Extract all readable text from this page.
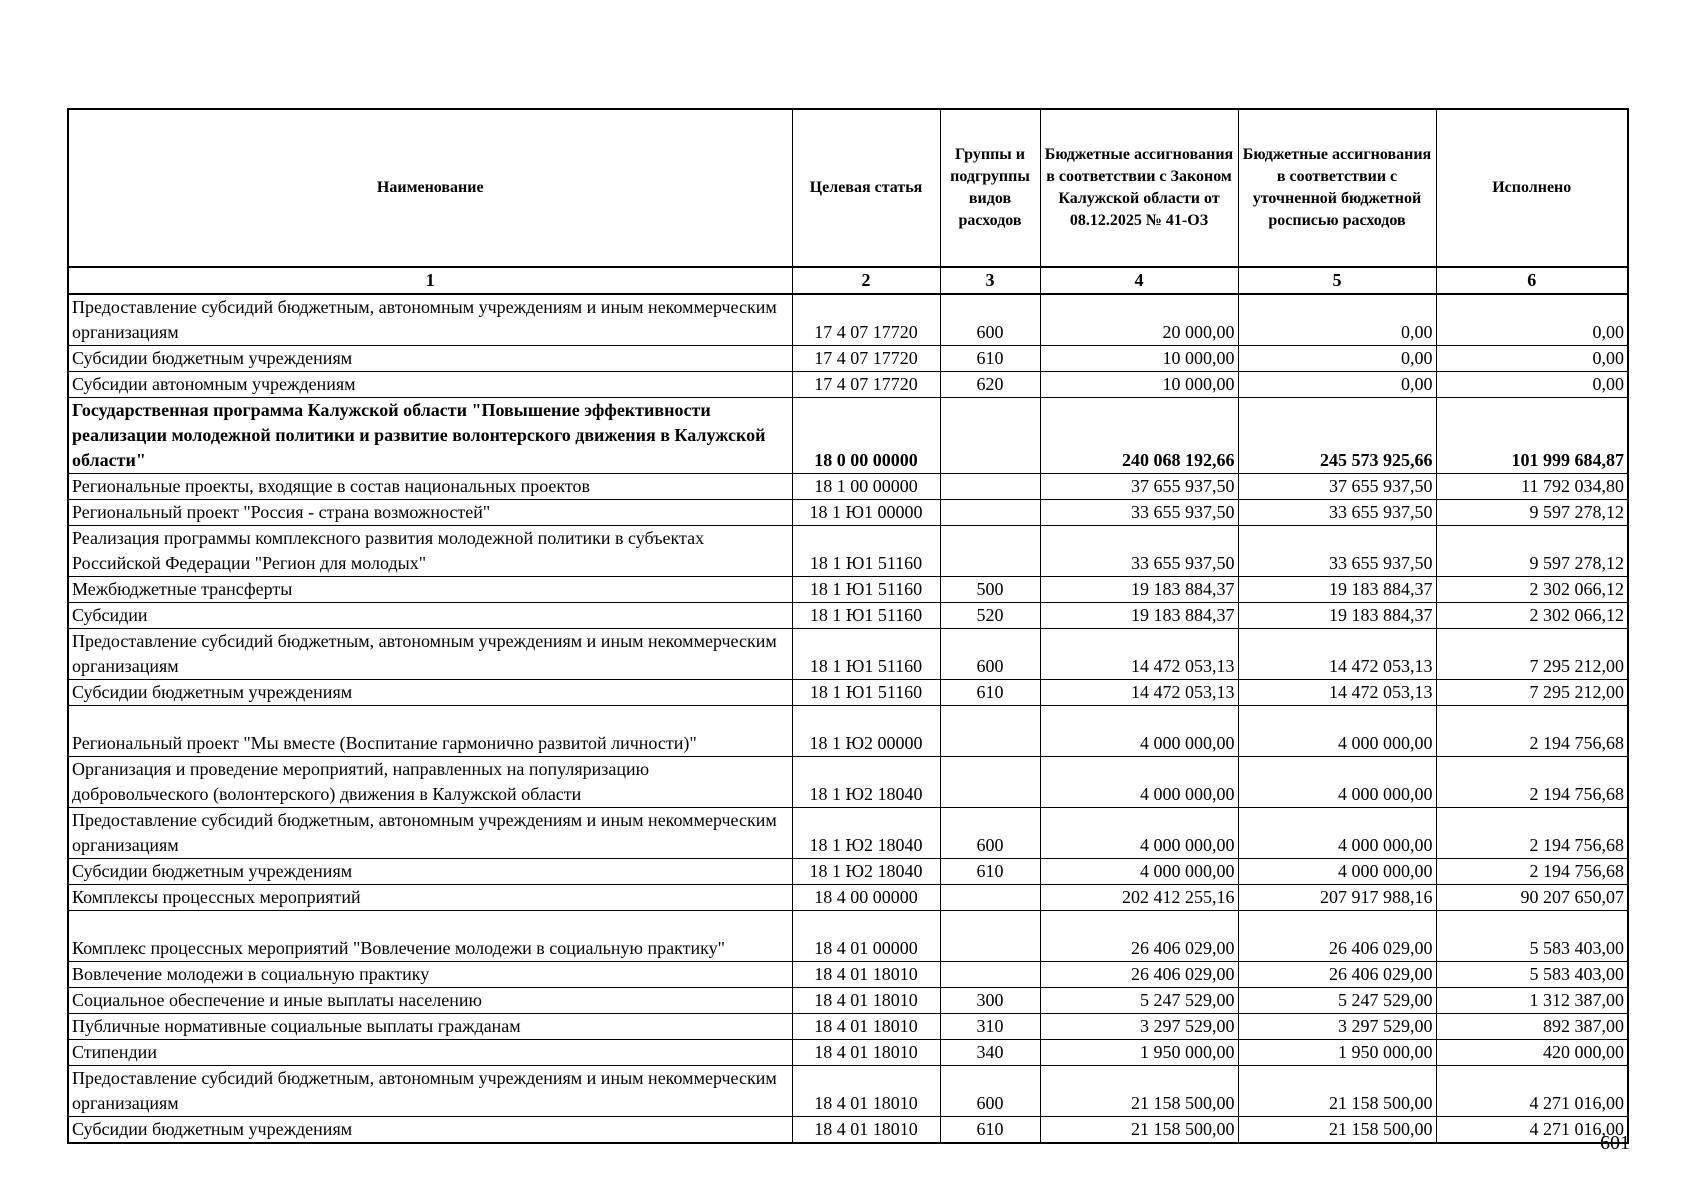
Наименование	Целевая статья	Группы и подгруппы видов расходов	Бюджетные ассигнования в соответствии с Законом Калужской области от 08.12.2025 № 41-ОЗ	Бюджетные ассигнования в соответствии с уточненной бюджетной росписью расходов	Исполнено
1	2	3	4	5	6
Предоставление субсидий бюджетным, автономным учреждениям и иным некоммерческим организациям	17 4 07 17720	600	20 000,00	0,00	0,00
Субсидии бюджетным учреждениям	17 4 07 17720	610	10 000,00	0,00	0,00
Субсидии автономным учреждениям	17 4 07 17720	620	10 000,00	0,00	0,00
Государственная программа Калужской области "Повышение эффективности реализации молодежной политики и развитие волонтерского движения в Калужской области"	18 0 00 00000		240 068 192,66	245 573 925,66	101 999 684,87
Региональные проекты, входящие в состав национальных проектов	18 1 00 00000		37 655 937,50	37 655 937,50	11 792 034,80
Региональный проект "Россия - страна возможностей"	18 1 Ю1 00000		33 655 937,50	33 655 937,50	9 597 278,12
Реализация программы комплексного развития молодежной политики в субъектах Российской Федерации "Регион для молодых"	18 1 Ю1 51160		33 655 937,50	33 655 937,50	9 597 278,12
Межбюджетные трансферты	18 1 Ю1 51160	500	19 183 884,37	19 183 884,37	2 302 066,12
Субсидии	18 1 Ю1 51160	520	19 183 884,37	19 183 884,37	2 302 066,12
Предоставление субсидий бюджетным, автономным учреждениям и иным некоммерческим организациям	18 1 Ю1 51160	600	14 472 053,13	14 472 053,13	7 295 212,00
Субсидии бюджетным учреждениям	18 1 Ю1 51160	610	14 472 053,13	14 472 053,13	7 295 212,00
Региональный проект "Мы вместе (Воспитание гармонично развитой личности)"	18 1 Ю2 00000		4 000 000,00	4 000 000,00	2 194 756,68
Организация и проведение мероприятий, направленных на популяризацию добровольческого (волонтерского) движения в Калужской области	18 1 Ю2 18040		4 000 000,00	4 000 000,00	2 194 756,68
Предоставление субсидий бюджетным, автономным учреждениям и иным некоммерческим организациям	18 1 Ю2 18040	600	4 000 000,00	4 000 000,00	2 194 756,68
Субсидии бюджетным учреждениям	18 1 Ю2 18040	610	4 000 000,00	4 000 000,00	2 194 756,68
Комплексы процессных мероприятий	18 4 00 00000		202 412 255,16	207 917 988,16	90 207 650,07
Комплекс процессных мероприятий "Вовлечение молодежи в социальную практику"	18 4 01 00000		26 406 029,00	26 406 029,00	5 583 403,00
Вовлечение молодежи в социальную практику	18 4 01 18010		26 406 029,00	26 406 029,00	5 583 403,00
Социальное обеспечение и иные выплаты населению	18 4 01 18010	300	5 247 529,00	5 247 529,00	1 312 387,00
Публичные нормативные социальные выплаты гражданам	18 4 01 18010	310	3 297 529,00	3 297 529,00	892 387,00
Стипендии	18 4 01 18010	340	1 950 000,00	1 950 000,00	420 000,00
Предоставление субсидий бюджетным, автономным учреждениям и иным некоммерческим организациям	18 4 01 18010	600	21 158 500,00	21 158 500,00	4 271 016,00
Субсидии бюджетным учреждениям	18 4 01 18010	610	21 158 500,00	21 158 500,00	4 271 016,00
601
